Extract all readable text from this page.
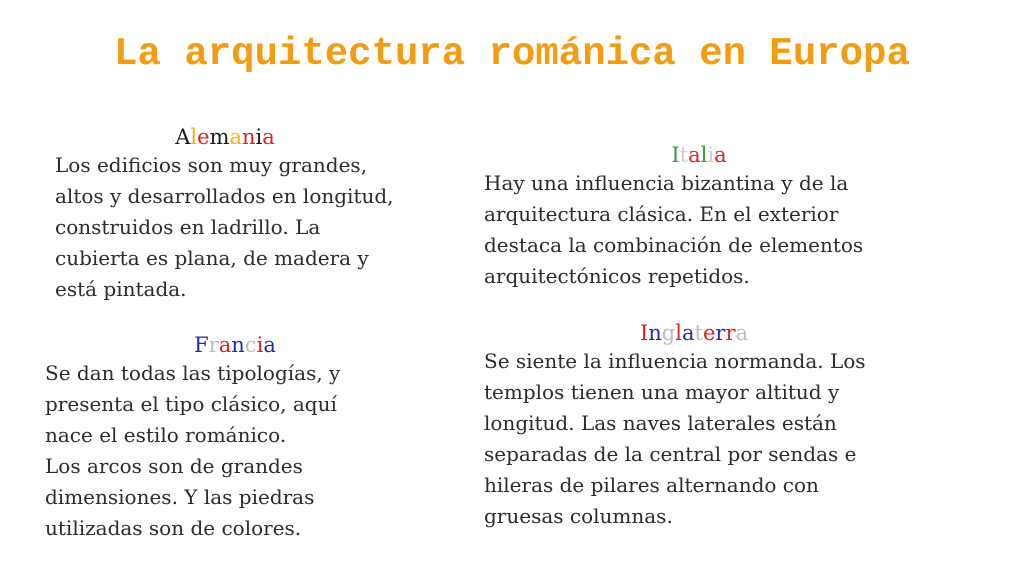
La arquitectura románica en Europa
Alemania
Los edificios son muy grandes,
altos y desarrollados en longitud,
construidos en ladrillo. La
cubierta es plana, de madera y
está pintada.
Italia
Hay una influencia bizantina y de la
arquitectura clásica. En el exterior
destaca la combinación de elementos
arquitectónicos repetidos.
Francia
Se dan todas las tipologías, y
presenta el tipo clásico, aquí
nace el estilo románico.
Los arcos son de grandes
dimensiones. Y las piedras
utilizadas son de colores.
Inglaterra
Se siente la influencia normanda. Los
templos tienen una mayor altitud y
longitud. Las naves laterales están
separadas de la central por sendas e
hileras de pilares alternando con
gruesas columnas.
